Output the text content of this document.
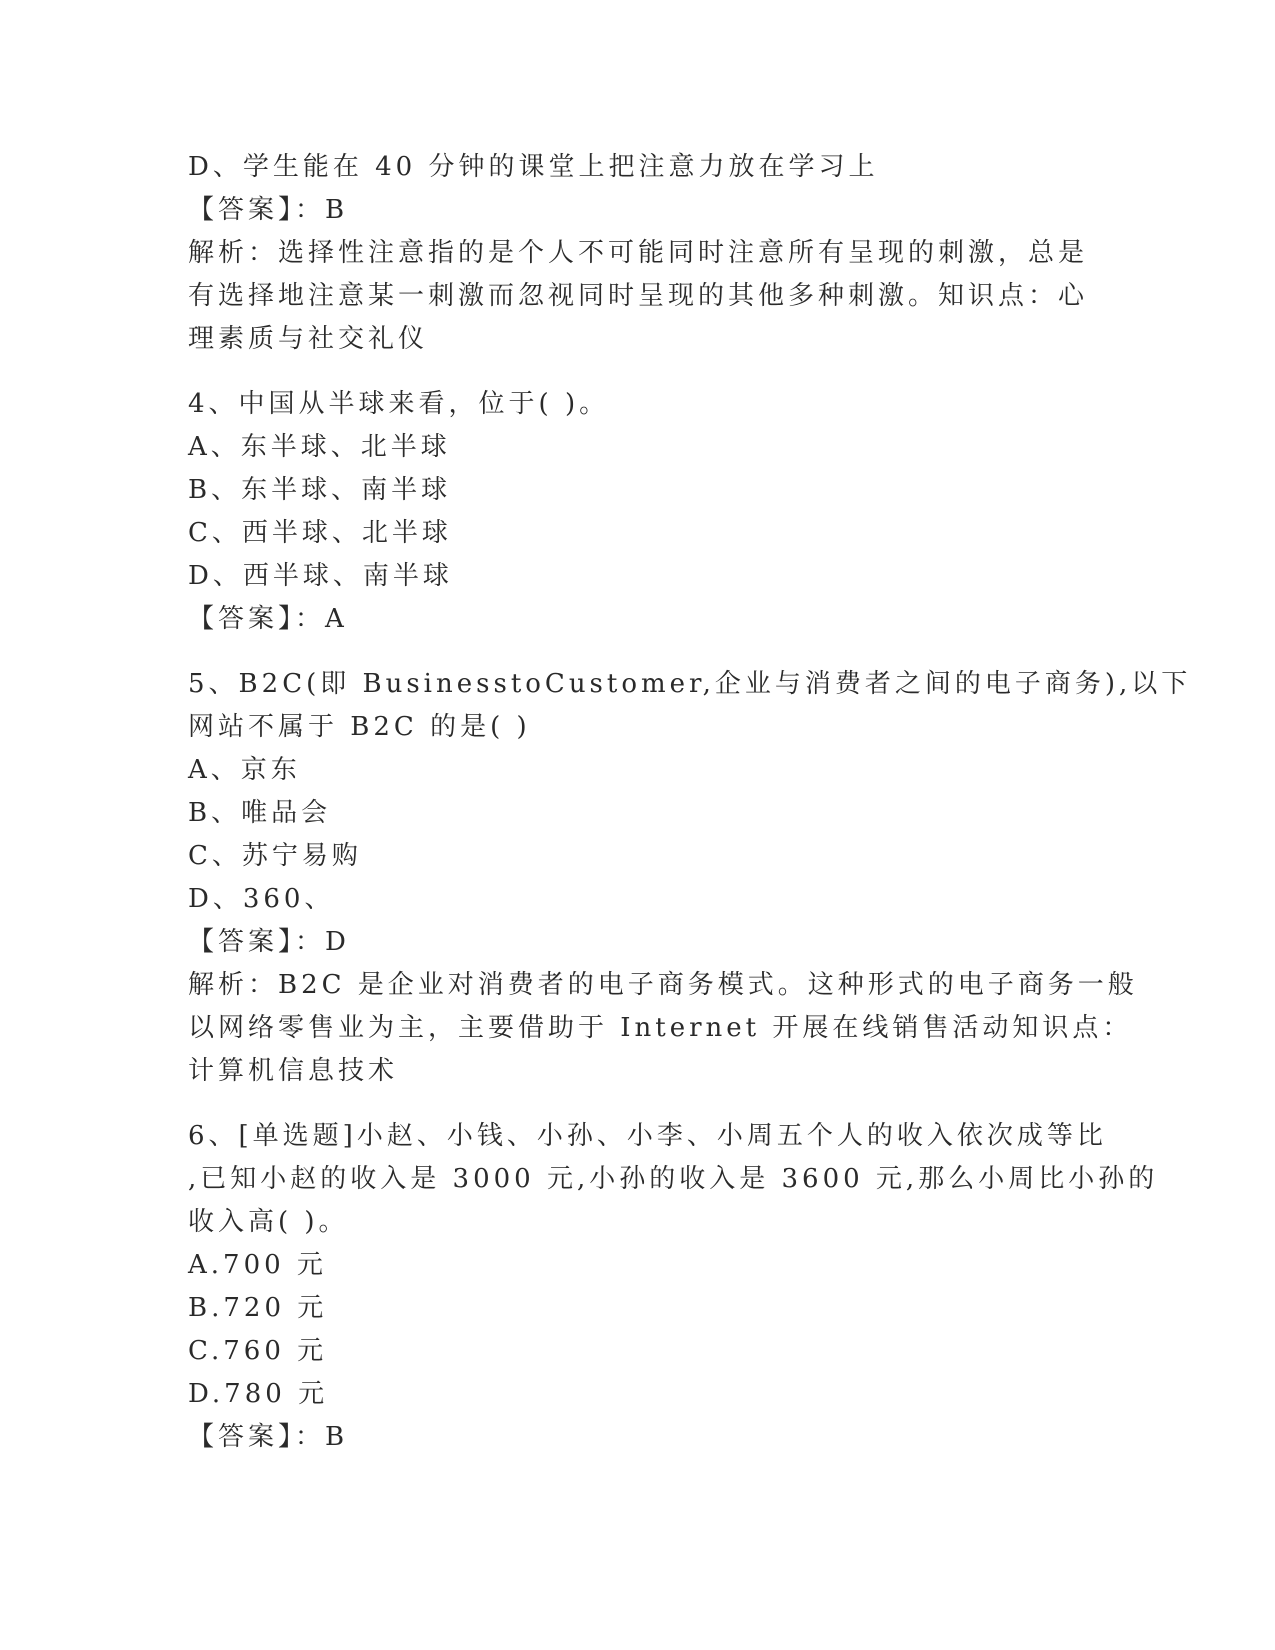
D、学生能在 40 分钟的课堂上把注意力放在学习上
【答案】：B
解析：选择性注意指的是个人不可能同时注意所有呈现的刺激，总是
有选择地注意某一刺激而忽视同时呈现的其他多种刺激。知识点：心
理素质与社交礼仪
4、中国从半球来看，位于( )。
A、东半球、北半球
B、东半球、南半球
C、西半球、北半球
D、西半球、南半球
【答案】：A
5、B2C(即 BusinesstoCustomer,企业与消费者之间的电子商务),以下
网站不属于 B2C 的是( )
A、京东
B、唯品会
C、苏宁易购
D、360、
【答案】：D
解析：B2C 是企业对消费者的电子商务模式。这种形式的电子商务一般
以网络零售业为主，主要借助于 Internet 开展在线销售活动知识点：
计算机信息技术
6、[单选题]小赵、小钱、小孙、小李、小周五个人的收入依次成等比
,已知小赵的收入是 3000 元,小孙的收入是 3600 元,那么小周比小孙的
收入高( )。
A.700 元
B.720 元
C.760 元
D.780 元
【答案】：B
